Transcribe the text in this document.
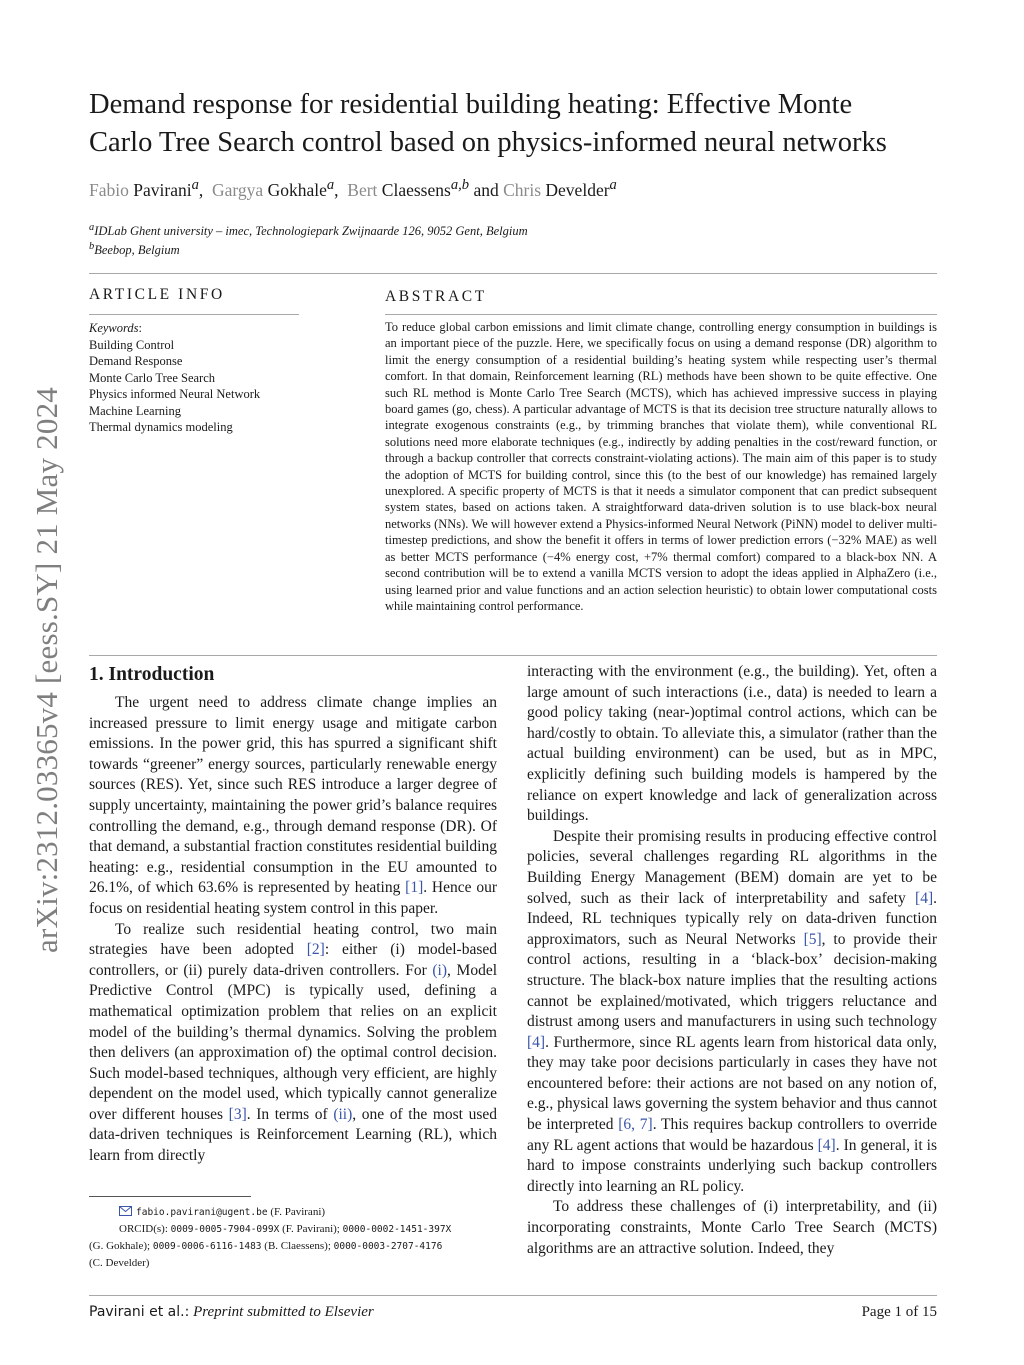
arXiv:2312.03365v4 [eess.SY] 21 May 2024
Demand response for residential building heating: Effective Monte
Carlo Tree Search control based on physics-informed neural networks
Fabio Pavirani$^a$, Gargya Gokhale$^a$, Bert Claessens$^{a,b}$ and Chris Develder$^a$
$^a$IDLab Ghent university – imec, Technologiepark Zwijnaarde 126, 9052 Gent, Belgium
$^b$Beebop, Belgium
ARTICLE INFO	ABSTRACT
Keywords:
Building Control
Demand Response
Monte Carlo Tree Search
Physics informed Neural Network
Machine Learning
Thermal dynamics modeling

To reduce global carbon emissions and limit climate change, controlling energy consumption in buildings is an important piece of the puzzle. Here, we specifically focus on using a demand response (DR) algorithm to limit the energy consumption of a residential building’s heating system while respecting user’s thermal comfort. In that domain, Reinforcement learning (RL) methods have been shown to be quite effective. One such RL method is Monte Carlo Tree Search (MCTS), which has achieved impressive success in playing board games (go, chess). A particular advantage of MCTS is that its decision tree structure naturally allows to integrate exogenous constraints (e.g., by trimming branches that violate them), while conventional RL solutions need more elaborate techniques (e.g., indirectly by adding penalties in the cost/reward function, or through a backup controller that corrects constraint-violating actions). The main aim of this paper is to study the adoption of MCTS for building control, since this (to the best of our knowledge) has remained largely unexplored. A specific property of MCTS is that it needs a simulator component that can predict subsequent system states, based on actions taken. A straightforward data-driven solution is to use black-box neural networks (NNs). We will however extend a Physics-informed Neural Network (PiNN) model to deliver multi-timestep predictions, and show the benefit it offers in terms of lower prediction errors (−32% MAE) as well as better MCTS performance (−4% energy cost, +7% thermal comfort) compared to a black-box NN. A second contribution will be to extend a vanilla MCTS version to adopt the ideas applied in AlphaZero (i.e., using learned prior and value functions and an action selection heuristic) to obtain lower computational costs while maintaining control performance.

1. Introduction

The urgent need to address climate change implies an increased pressure to limit energy usage and mitigate carbon emissions. In the power grid, this has spurred a significant shift towards “greener” energy sources, particularly renewable energy sources (RES). Yet, since such RES introduce a larger degree of supply uncertainty, maintaining the power grid’s balance requires controlling the demand, e.g., through demand response (DR). Of that demand, a substantial fraction constitutes residential building heating: e.g., residential consumption in the EU amounted to 26.1%, of which 63.6% is represented by heating [1]. Hence our focus on residential heating system control in this paper.

To realize such residential heating control, two main strategies have been adopted [2]: either (i) model-based controllers, or (ii) purely data-driven controllers. For (i), Model Predictive Control (MPC) is typically used, defining a mathematical optimization problem that relies on an explicit model of the building’s thermal dynamics. Solving the problem then delivers (an approximation of) the optimal control decision. Such model-based techniques, although very efficient, are highly dependent on the model used, which typically cannot generalize over different houses [3]. In terms of (ii), one of the most used data-driven techniques is Reinforcement Learning (RL), which learn from directly

interacting with the environment (e.g., the building). Yet, often a large amount of such interactions (i.e., data) is needed to learn a good policy taking (near-)optimal control actions, which can be hard/costly to obtain. To alleviate this, a simulator (rather than the actual building environment) can be used, but as in MPC, explicitly defining such building models is hampered by the reliance on expert knowledge and lack of generalization across buildings.

Despite their promising results in producing effective control policies, several challenges regarding RL algorithms in the Building Energy Management (BEM) domain are yet to be solved, such as their lack of interpretability and safety [4]. Indeed, RL techniques typically rely on data-driven function approximators, such as Neural Networks [5], to provide their control actions, resulting in a ‘black-box’ decision-making structure. The black-box nature implies that the resulting actions cannot be explained/motivated, which triggers reluctance and distrust among users and manufacturers in using such technology [4]. Furthermore, since RL agents learn from historical data only, they may take poor decisions particularly in cases they have not encountered before: their actions are not based on any notion of, e.g., physical laws governing the system behavior and thus cannot be interpreted [6, 7]. This requires backup controllers to override any RL agent actions that would be hazardous [4]. In general, it is hard to impose constraints underlying such backup controllers directly into learning an RL policy.

To address these challenges of (i) interpretability, and (ii) incorporating constraints, Monte Carlo Tree Search (MCTS) algorithms are an attractive solution. Indeed, they

fabio.pavirani@ugent.be (F. Pavirani)
ORCID(s): 0009-0005-7904-099X (F. Pavirani); 0000-0002-1451-397X
(G. Gokhale); 0009-0006-6116-1483 (B. Claessens); 0000-0003-2707-4176
(C. Develder)
Pavirani et al.: Preprint submitted to Elsevier	Page 1 of 15
